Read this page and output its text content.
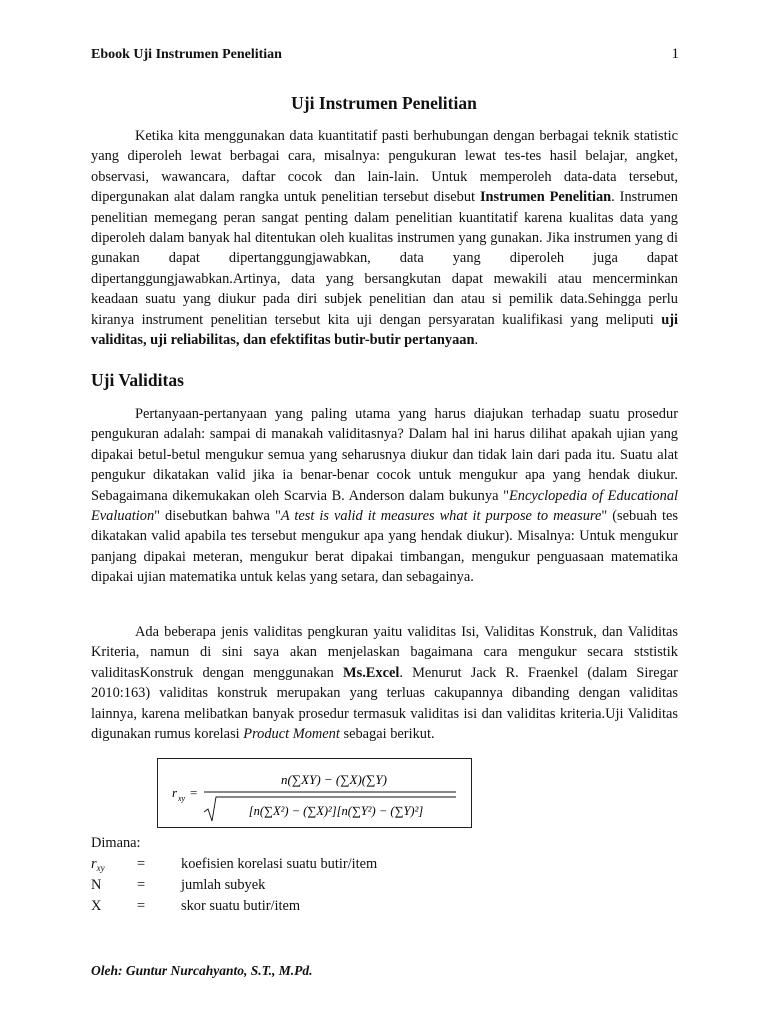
Ebook Uji Instrumen Penelitian	1
Uji Instrumen Penelitian

Ketika kita menggunakan data kuantitatif pasti berhubungan dengan berbagai teknik statistic yang diperoleh lewat berbagai cara, misalnya: pengukuran lewat tes-tes hasil belajar, angket, observasi, wawancara, daftar cocok dan lain-lain. Untuk memperoleh data-data tersebut, dipergunakan alat dalam rangka untuk penelitian tersebut disebut Instrumen Penelitian. Instrumen penelitian memegang peran sangat penting dalam penelitian kuantitatif karena kualitas data yang diperoleh dalam banyak hal ditentukan oleh kualitas instrumen yang gunakan. Jika instrumen yang di gunakan dapat dipertanggungjawabkan, data yang diperoleh juga dapat dipertanggungjawabkan.Artinya, data yang bersangkutan dapat mewakili atau mencerminkan keadaan suatu yang diukur pada diri subjek penelitian dan atau si pemilik data.Sehingga perlu kiranya instrument penelitian tersebut kita uji dengan persyaratan kualifikasi yang meliputi uji validitas, uji reliabilitas, dan efektifitas butir-butir pertanyaan.

Uji Validitas

Pertanyaan-pertanyaan yang paling utama yang harus diajukan terhadap suatu prosedur pengukuran adalah: sampai di manakah validitasnya? Dalam hal ini harus dilihat apakah ujian yang dipakai betul-betul mengukur semua yang seharusnya diukur dan tidak lain dari pada itu. Suatu alat pengukur dikatakan valid jika ia benar-benar cocok untuk mengukur apa yang hendak diukur. Sebagaimana dikemukakan oleh Scarvia B. Anderson dalam bukunya "Encyclopedia of Educational Evaluation" disebutkan bahwa "A test is valid it measures what it purpose to measure" (sebuah tes dikatakan valid apabila tes tersebut mengukur apa yang hendak diukur). Misalnya: Untuk mengukur panjang dipakai meteran, mengukur berat dipakai timbangan, mengukur penguasaan matematika dipakai ujian matematika untuk kelas yang setara, dan sebagainya.

Ada beberapa jenis validitas pengkuran yaitu validitas Isi, Validitas Konstruk, dan Validitas Kriteria, namun di sini saya akan menjelaskan bagaimana cara mengukur secara ststistik validitasKonstruk dengan menggunakan Ms.Excel. Menurut Jack R. Fraenkel (dalam Siregar 2010:163) validitas konstruk merupakan yang terluas cakupannya dibanding dengan validitas lainnya, karena melibatkan banyak prosedur termasuk validitas isi dan validitas kriteria.Uji Validitas digunakan rumus korelasi Product Moment sebagai berikut.

r xy =
n(∑XY) − (∑X)(∑Y)
[n(∑X²) − (∑X)²][n(∑Y²) − (∑Y)²]
Dimana:
$r_{xy}$ = koefisien korelasi suatu butir/item
N = jumlah subyek
X = skor suatu butir/item
Oleh: Guntur Nurcahyanto, S.T., M.Pd.
